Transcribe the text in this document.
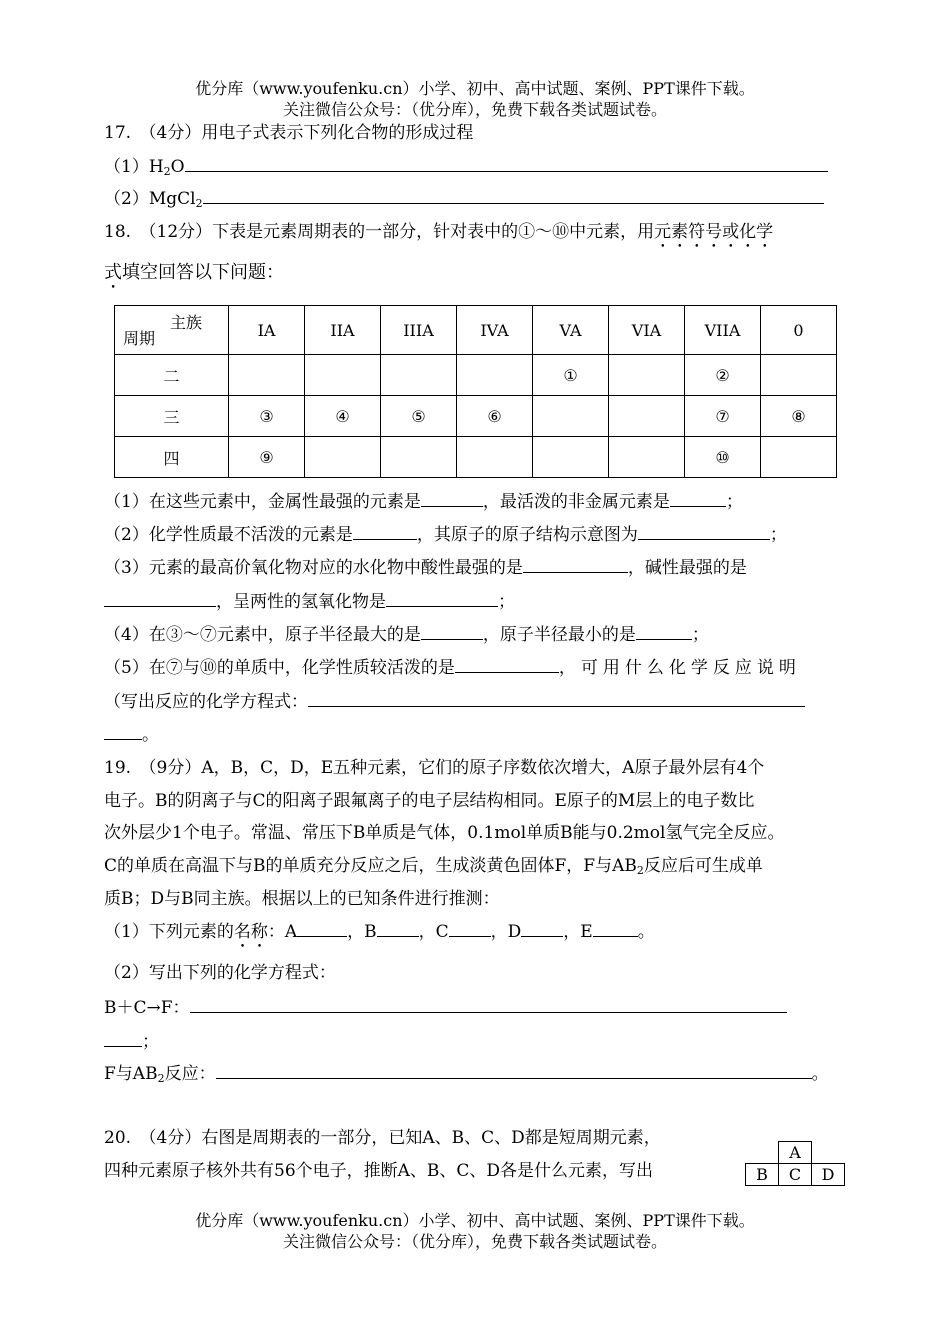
优分库（www.youfenku.cn）小学、初中、高中试题、案例、PPT课件下载。
关注微信公众号：（优分库），免费下载各类试题试卷。
17.　（4分）用电子式表示下列化合物的形成过程
$(1)H_2O$
（2）MgCl$_2$
18.　（12分）下表是元素周期表的一部分，针对表中的①～⑩中元素，用元素符号或化学
式填空回答以下问题：
主族
周期	IA	IIA	IIIA	IVA	VA	VIA	VIIA	0
二					①		②	
三	③	④	⑤	⑥			⑦	⑧
四	⑨						⑩	
（1）在这些元素中，金属性最强的元素是	，最活泼的非金属元素是	；
（2）化学性质最不活泼的元素是	，其原子的原子结构示意图为	；
（3）元素的最高价氧化物对应的水化物中酸性最强的是	，碱性最强的是
，呈两性的氢氧化物是	；
（4）在③～⑦元素中，原子半径最大的是	，原子半径最小的是	；
（5）在⑦与⑩的单质中，化学性质较活泼的是	，可用什么化学反应说明
（写出反应的化学方程式：
。
19.　（9分）A，B，C，D，E五种元素，它们的原子序数依次增大，A原子最外层有4个
电子。B的阴离子与C的阳离子跟氟离子的电子层结构相同。E原子的M层上的电子数比
次外层少1个电子。常温、常压下B单质是气体，0.1mol单质B能与0.2mol氢气完全反应。
C的单质在高温下与B的单质充分反应之后，生成淡黄色固体F，F与$AB_2$反应后可生成单
质B；D与B同主族。根据以上的已知条件进行推测：
（1）下列元素的名称：A	，B ，C ，D ，E	。
（2）写出下列的化学方程式：
B＋C→F：
；
F与$AB_2$反应：	。
20.　（4分）右图是周期表的一部分，已知A、B、C、D都是短周期元素，
四种元素原子核外共有56个电子，推断A、B、C、D各是什么元素，写出
	A	
B	C	D
优分库（www.youfenku.cn）小学、初中、高中试题、案例、PPT课件下载。
关注微信公众号：（优分库），免费下载各类试题试卷。
